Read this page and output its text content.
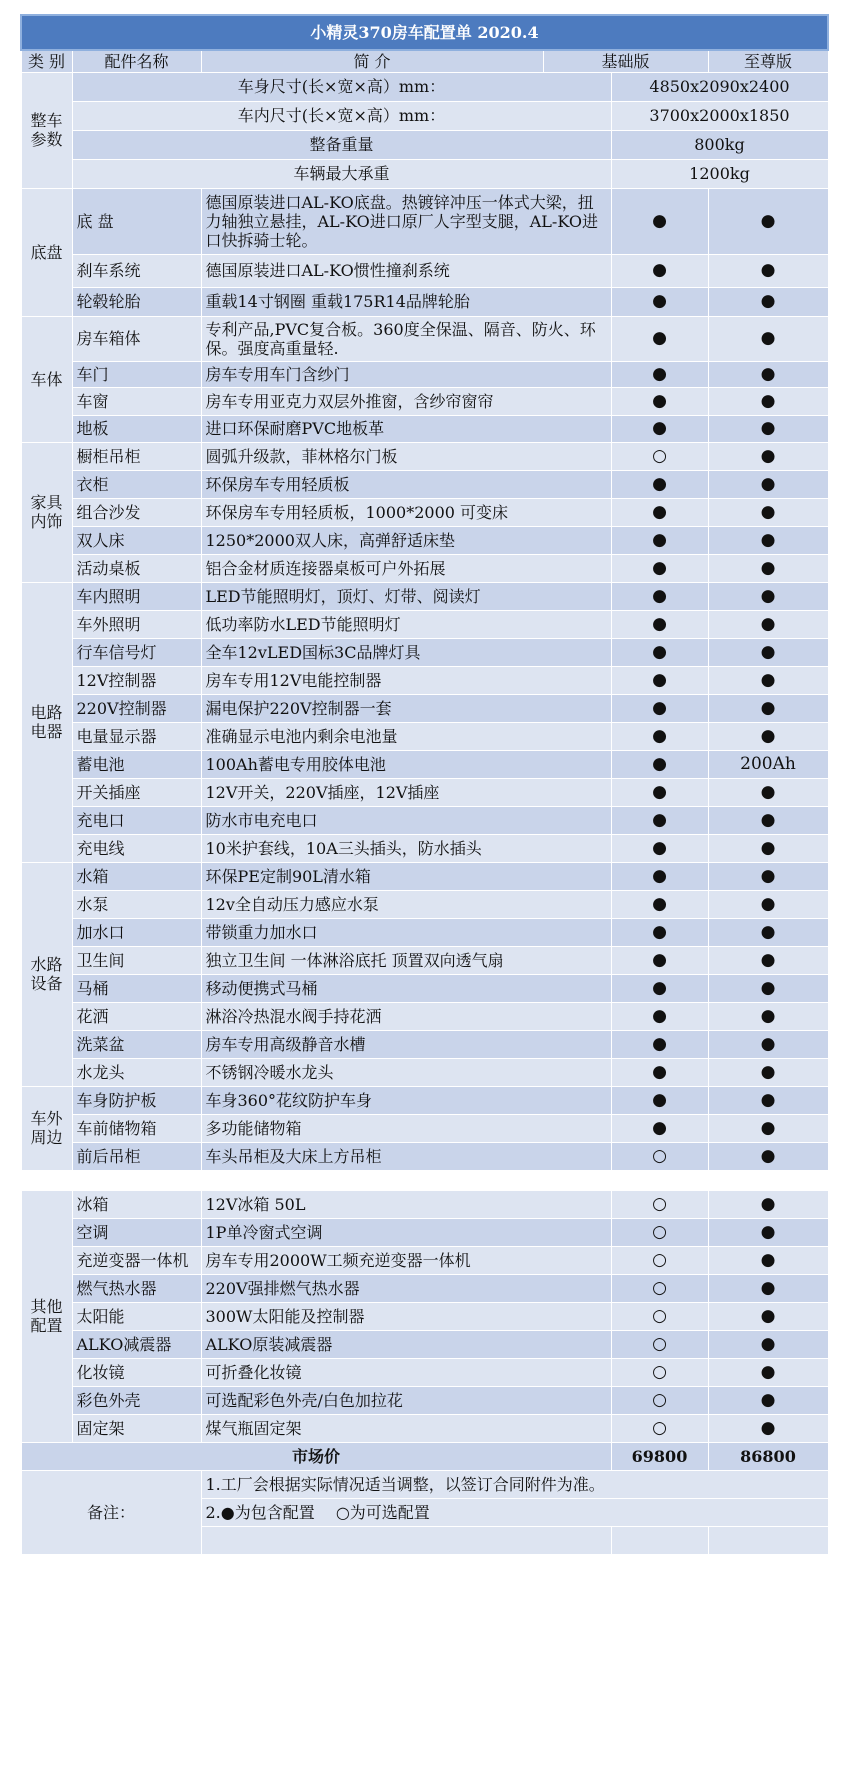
小精灵370房车配置单 2020.4					
类 别	配件名称	简 介	基础版		至尊版
整车参数	车身尺寸(长×宽×高）mm：			4850x2090x2400	
	车内尺寸(长×宽×高）mm：			3700x2000x1850	
	整备重量			800kg	
	车辆最大承重			1200kg	
底盘	底 盘	德国原装进口AL-KO底盘。热镀锌冲压一体式大梁，扭力轴独立悬挂，AL-KO进口原厂人字型支腿，AL-KO进口快拆骑士轮。		●	●
	刹车系统	德国原装进口AL-KO惯性撞刹系统		●	●
	轮毂轮胎	重载14寸钢圈 重载175R14品牌轮胎		●	●
车体	房车箱体	专利产品,PVC复合板。360度全保温、隔音、防火、环保。强度高重量轻.		●	●
	车门	房车专用车门含纱门		●	●
	车窗	房车专用亚克力双层外推窗，含纱帘窗帘		●	●
	地板	进口环保耐磨PVC地板革		●	●
家具内饰	橱柜吊柜	圆弧升级款，菲林格尔门板		○	●
	衣柜	环保房车专用轻质板		●	●
	组合沙发	环保房车专用轻质板，1000*2000 可变床		●	●
	双人床	1250*2000双人床，高弹舒适床垫		●	●
	活动桌板	铝合金材质连接器桌板可户外拓展		●	●
电路电器	车内照明	LED节能照明灯，顶灯、灯带、阅读灯		●	●
	车外照明	低功率防水LED节能照明灯		●	●
	行车信号灯	全车12vLED国标3C品牌灯具		●	●
	12V控制器	房车专用12V电能控制器		●	●
	220V控制器	漏电保护220V控制器一套		●	●
	电量显示器	准确显示电池内剩余电池量		●	●
	蓄电池	100Ah蓄电专用胶体电池		●	200Ah
	开关插座	12V开关，220V插座，12V插座		●	●
	充电口	防水市电充电口		●	●
	充电线	10米护套线，10A三头插头，防水插头		●	●
水路设备	水箱	环保PE定制90L清水箱		●	●
	水泵	12v全自动压力感应水泵		●	●
	加水口	带锁重力加水口		●	●
	卫生间	独立卫生间 一体淋浴底托 顶置双向透气扇		●	●
	马桶	移动便携式马桶		●	●
	花洒	淋浴冷热混水阀手持花洒		●	●
	洗菜盆	房车专用高级静音水槽		●	●
	水龙头	不锈钢冷暖水龙头		●	●
车外周边	车身防护板	车身360°花纹防护车身		●	●
	车前储物箱	多功能储物箱		●	●
	前后吊柜	车头吊柜及大床上方吊柜		○	●

其他配置	冰箱	12V冰箱 50L		○	●
	空调	1P单冷窗式空调		○	●
	充逆变器一体机	房车专用2000W工频充逆变器一体机		○	●
	燃气热水器	220V强排燃气热水器		○	●
	太阳能	300W太阳能及控制器		○	●
	ALKO减震器	ALKO原装减震器		○	●
	化妆镜	可折叠化妆镜		○	●
	彩色外壳	可选配彩色外壳/白色加拉花		○	●
	固定架	煤气瓶固定架		○	●
市场价				69800	86800
备注：		1.工厂会根据实际情况适当调整，以签订合同附件为准。			
		2.●为包含配置　 ○为可选配置			
